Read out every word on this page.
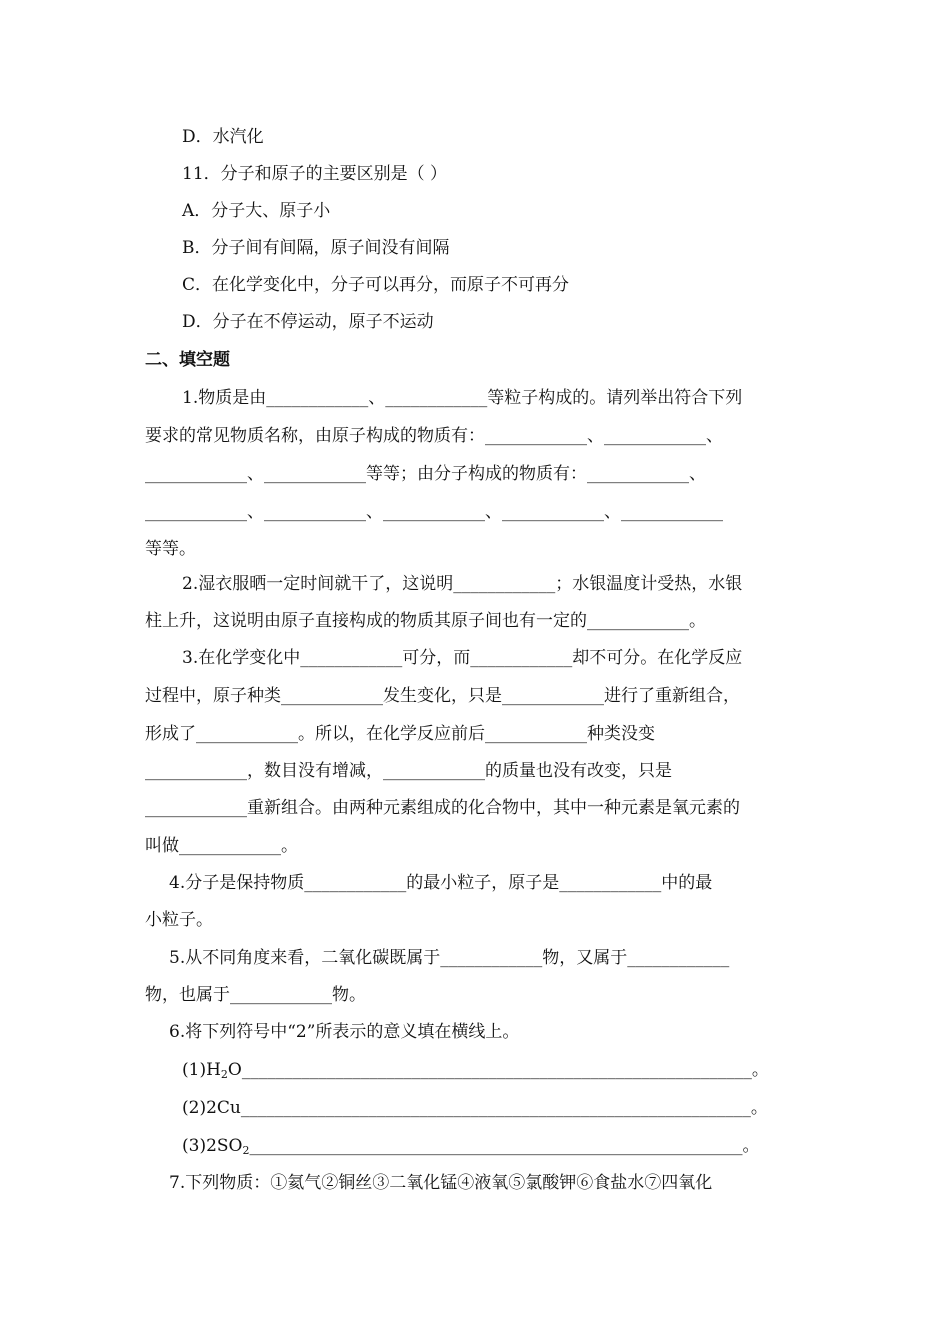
D．水汽化
11．分子和原子的主要区别是（ ）
A．分子大、原子小
B．分子间有间隔，原子间没有间隔
C．在化学变化中，分子可以再分，而原子不可再分
D．分子在不停运动，原子不运动
二、填空题
1.物质是由____________、____________等粒子构成的。请列举出符合下列
要求的常见物质名称，由原子构成的物质有：____________、____________、
____________、____________等等；由分子构成的物质有：____________、
____________、____________、____________、____________、____________
等等。
2.湿衣服晒一定时间就干了，这说明____________；水银温度计受热，水银
柱上升，这说明由原子直接构成的物质其原子间也有一定的____________。
3.在化学变化中____________可分，而____________却不可分。在化学反应
过程中，原子种类____________发生变化，只是____________进行了重新组合，
形成了____________。所以，在化学反应前后____________种类没变
____________，数目没有增减，____________的质量也没有改变，只是
____________重新组合。由两种元素组成的化合物中，其中一种元素是氧元素的
叫做____________。
4.分子是保持物质____________的最小粒子，原子是____________中的最
小粒子。
5.从不同角度来看，二氧化碳既属于____________物，又属于____________
物，也属于____________物。
6.将下列符号中“2”所表示的意义填在横线上。
$(1)H_2O\_\_\_\_\_\_\_\_\_\_\_\_\_\_\_\_\_\_\_\_\_\_\_\_\_\_\_\_\_\_\_\_\_\_\_\_\_\_\_\_\_\_\_\_\_\_\_\_\_\_\_\_\_\_\_\_\_\_\_\_$。
(2)2Cu____________________________________________________________。
$(3)2SO_2\_\_\_\_\_\_\_\_\_\_\_\_\_\_\_\_\_\_\_\_\_\_\_\_\_\_\_\_\_\_\_\_\_\_\_\_\_\_\_\_\_\_\_\_\_\_\_\_\_\_\_\_\_\_\_\_\_\_$。
7.下列物质：①氦气②铜丝③二氧化锰④液氧⑤氯酸钾⑥食盐水⑦四氧化
